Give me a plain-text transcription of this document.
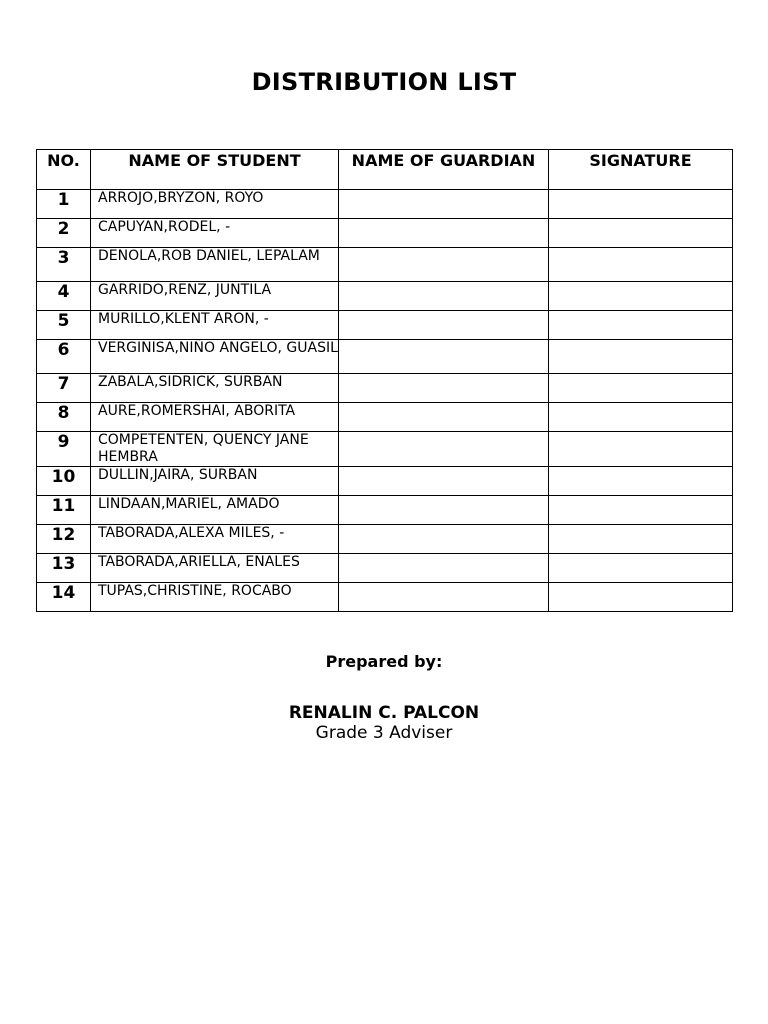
DISTRIBUTION LIST
NO.	NAME OF STUDENT	NAME OF GUARDIAN	SIGNATURE
1	ARROJO,BRYZON, ROYO		
2	CAPUYAN,RODEL, -		
3	DENOLA,ROB DANIEL, LEPALAM		
4	GARRIDO,RENZ, JUNTILA		
5	MURILLO,KLENT ARON, -		
6	VERGINISA,NIÑO ANGELO, GUASIL		
7	ZABALA,SIDRICK, SURBAN		
8	AURE,ROMERSHAI, ABORITA		
9	COMPETENTEN, QUENCY JANE HEMBRA		
10	DULLIN,JAIRA, SURBAN		
11	LINDAAN,MARIEL, AMADO		
12	TABORADA,ALEXA MILES, -		
13	TABORADA,ARIELLA, ENALES		
14	TUPAS,CHRISTINE, ROCABO		
Prepared by:
RENALIN C. PALCON
Grade 3 Adviser
